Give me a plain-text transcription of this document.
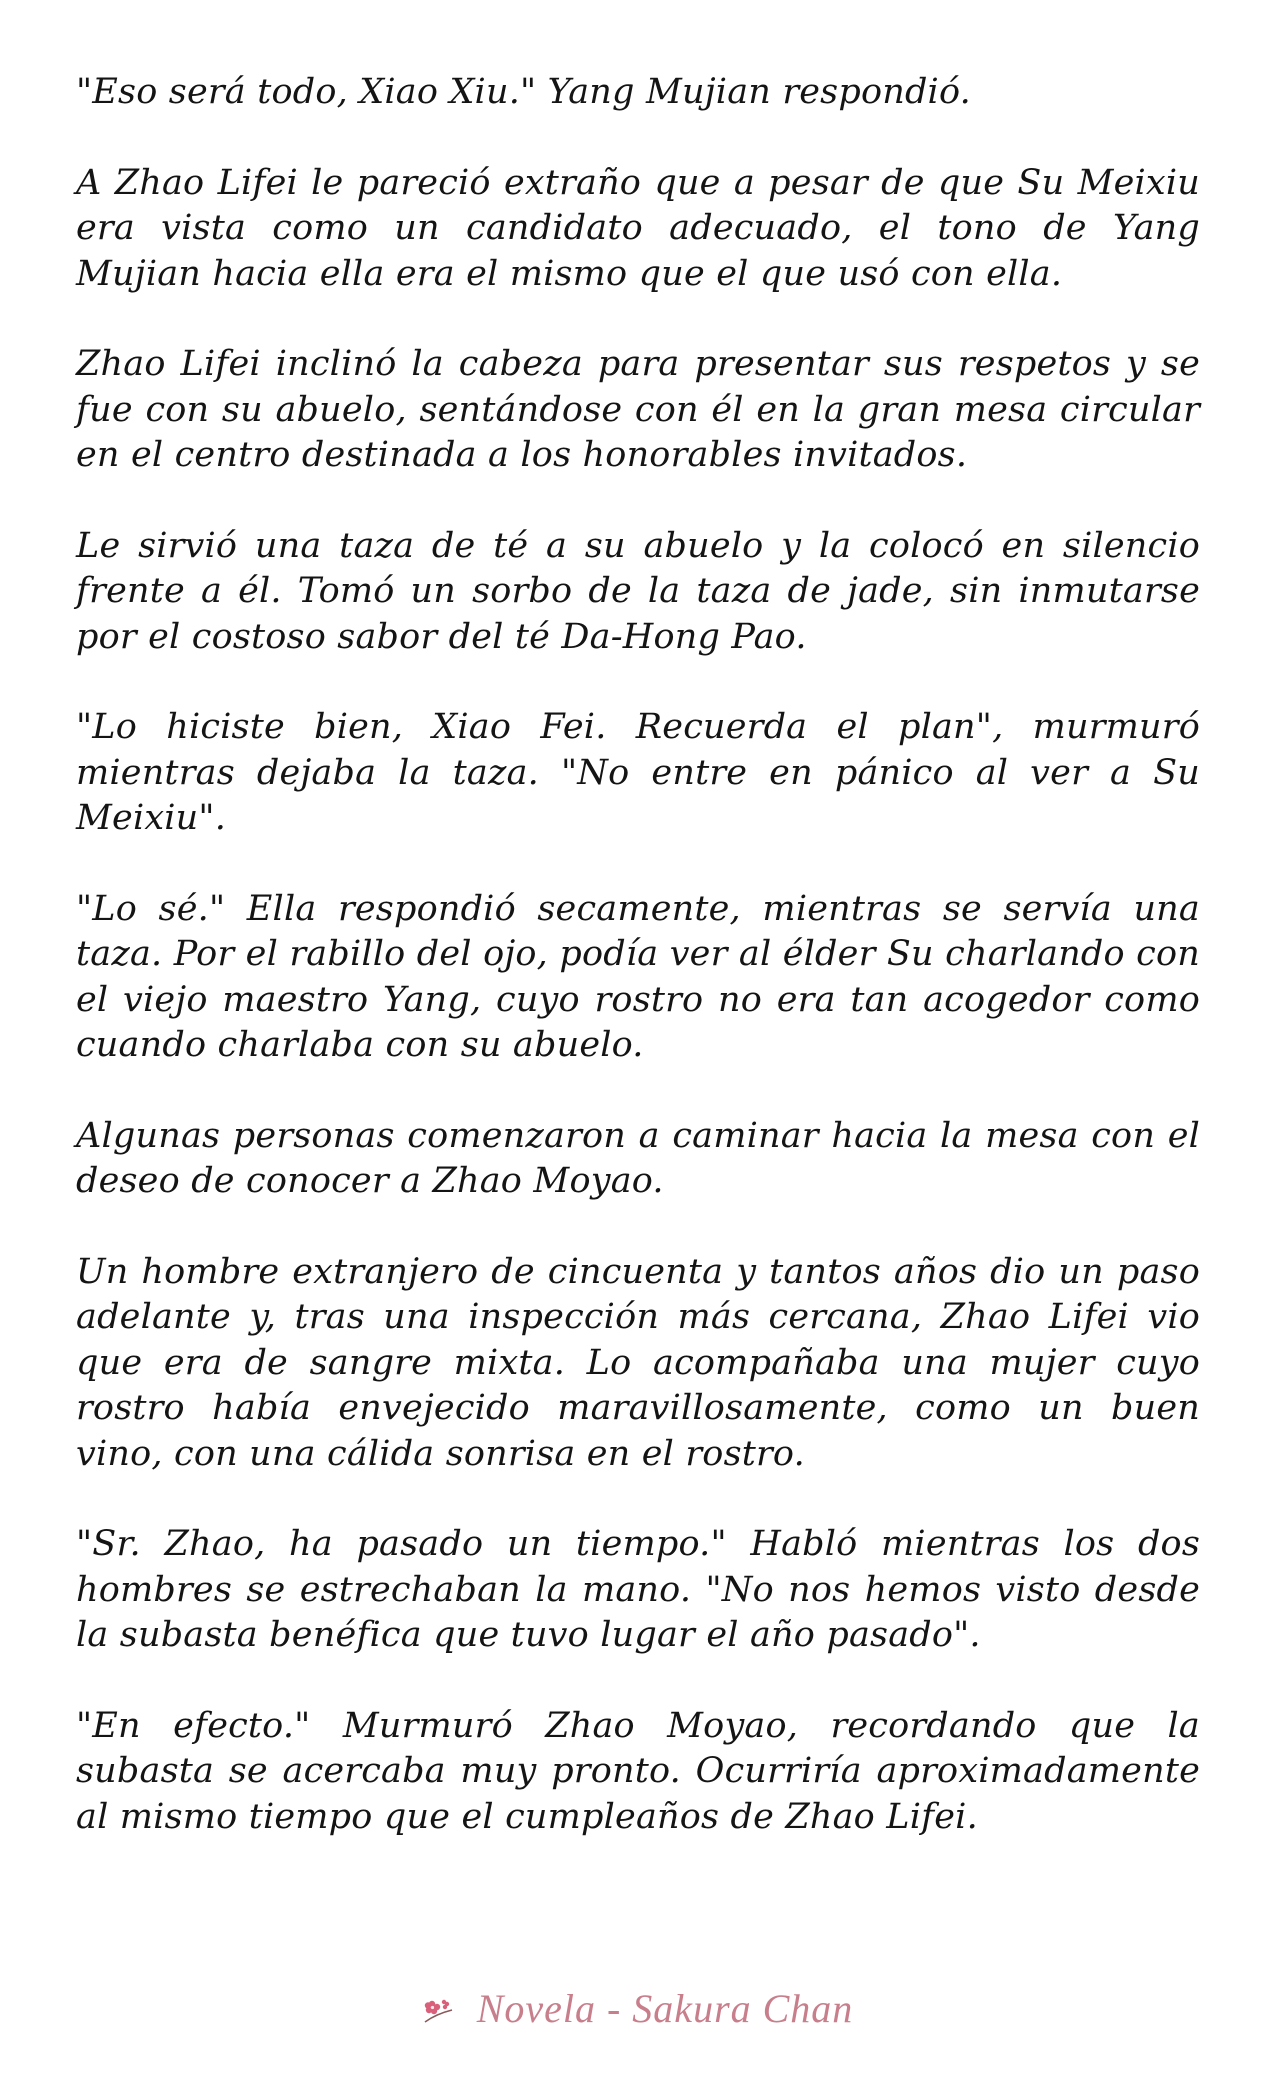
"Eso será todo, Xiao Xiu." Yang Mujian respondió.

A Zhao Lifei le pareció extraño que a pesar de que Su Meixiu era vista como un candidato adecuado, el tono de Yang Mujian hacia ella era el mismo que el que usó con ella.

Zhao Lifei inclinó la cabeza para presentar sus respetos y se fue con su abuelo, sentándose con él en la gran mesa circular en el centro destinada a los honorables invitados.

Le sirvió una taza de té a su abuelo y la colocó en silencio frente a él. Tomó un sorbo de la taza de jade, sin inmutarse por el costoso sabor del té Da-Hong Pao.

"Lo hiciste bien, Xiao Fei. Recuerda el plan", murmuró mientras dejaba la taza. "No entre en pánico al ver a Su Meixiu".

"Lo sé." Ella respondió secamente, mientras se servía una taza. Por el rabillo del ojo, podía ver al élder Su charlando con el viejo maestro Yang, cuyo rostro no era tan acogedor como cuando charlaba con su abuelo.

Algunas personas comenzaron a caminar hacia la mesa con el deseo de conocer a Zhao Moyao.

Un hombre extranjero de cincuenta y tantos años dio un paso adelante y, tras una inspección más cercana, Zhao Lifei vio que era de sangre mixta. Lo acompañaba una mujer cuyo rostro había envejecido maravillosamente, como un buen vino, con una cálida sonrisa en el rostro.

"Sr. Zhao, ha pasado un tiempo." Habló mientras los dos hombres se estrechaban la mano. "No nos hemos visto desde la subasta benéfica que tuvo lugar el año pasado".

"En efecto." Murmuró Zhao Moyao, recordando que la subasta se acercaba muy pronto. Ocurriría aproximadamente al mismo tiempo que el cumpleaños de Zhao Lifei.

Novela - Sakura Chan
